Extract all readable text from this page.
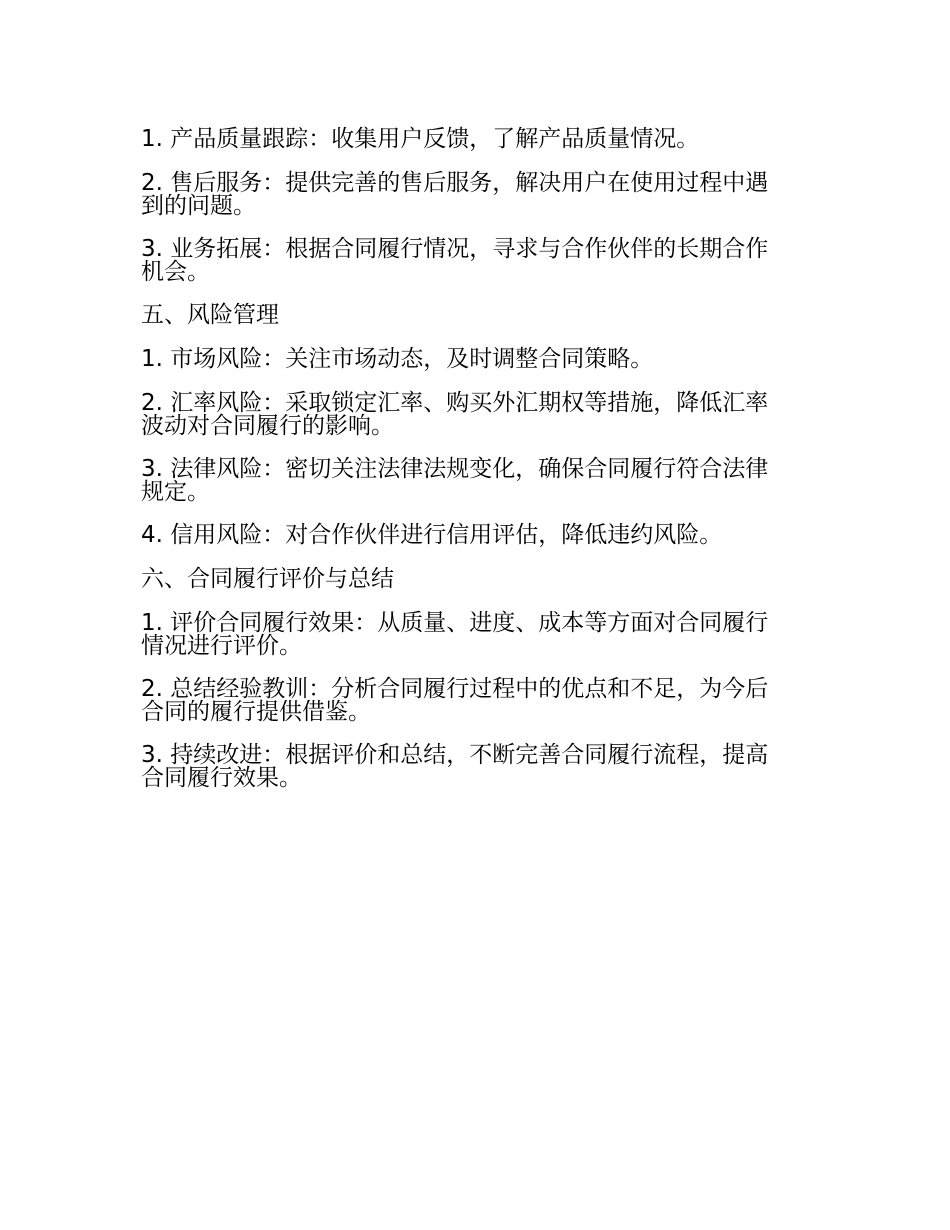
1. 产品质量跟踪：收集用户反馈，了解产品质量情况。

2. 售后服务：提供完善的售后服务，解决用户在使用过程中遇到的问题。

3. 业务拓展：根据合同履行情况，寻求与合作伙伴的长期合作机会。

五、风险管理

1. 市场风险：关注市场动态，及时调整合同策略。

2. 汇率风险：采取锁定汇率、购买外汇期权等措施，降低汇率波动对合同履行的影响。

3. 法律风险：密切关注法律法规变化，确保合同履行符合法律规定。

4. 信用风险：对合作伙伴进行信用评估，降低违约风险。

六、合同履行评价与总结

1. 评价合同履行效果：从质量、进度、成本等方面对合同履行情况进行评价。

2. 总结经验教训：分析合同履行过程中的优点和不足，为今后合同的履行提供借鉴。

3. 持续改进：根据评价和总结，不断完善合同履行流程，提高合同履行效果。
